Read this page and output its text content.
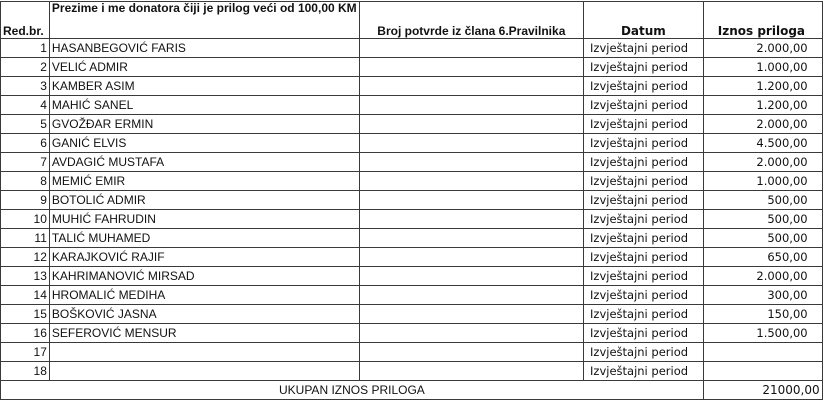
Red.br.	Prezime i me donatora čiji je prilog veći od 100,00 KM	Broj potvrde iz člana 6.Pravilnika	Datum	Iznos priloga	
1	HASANBEGOVIĆ FARIS		Izvještajni period	2.000,00	
2	VELIĆ ADMIR		Izvještajni period	1.000,00	
3	KAMBER ASIM		Izvještajni period	1.200,00	
4	MAHIĆ SANEL		Izvještajni period	1.200,00	
5	GVOŽĐAR ERMIN		Izvještajni period	2.000,00	
6	GANIĆ ELVIS		Izvještajni period	4.500,00	
7	AVDAGIĆ MUSTAFA		Izvještajni period	2.000,00	
8	MEMIĆ EMIR		Izvještajni period	1.000,00	
9	BOTOLIĆ ADMIR		Izvještajni period	500,00	
10	MUHIĆ FAHRUDIN		Izvještajni period	500,00	
11	TALIĆ MUHAMED		Izvještajni period	500,00	
12	KARAJKOVIĆ RAJIF		Izvještajni period	650,00	
13	KAHRIMANOVIĆ MIRSAD		Izvještajni period	2.000,00	
14	HROMALIĆ MEDIHA		Izvještajni period	300,00	
15	BOŠKOVIĆ JASNA		Izvještajni period	150,00	
16	SEFEROVIĆ MENSUR		Izvještajni period	1.500,00	
17			Izvještajni period		
18			Izvještajni period		
UKUPAN IZNOS PRILOGA				21000,00	
